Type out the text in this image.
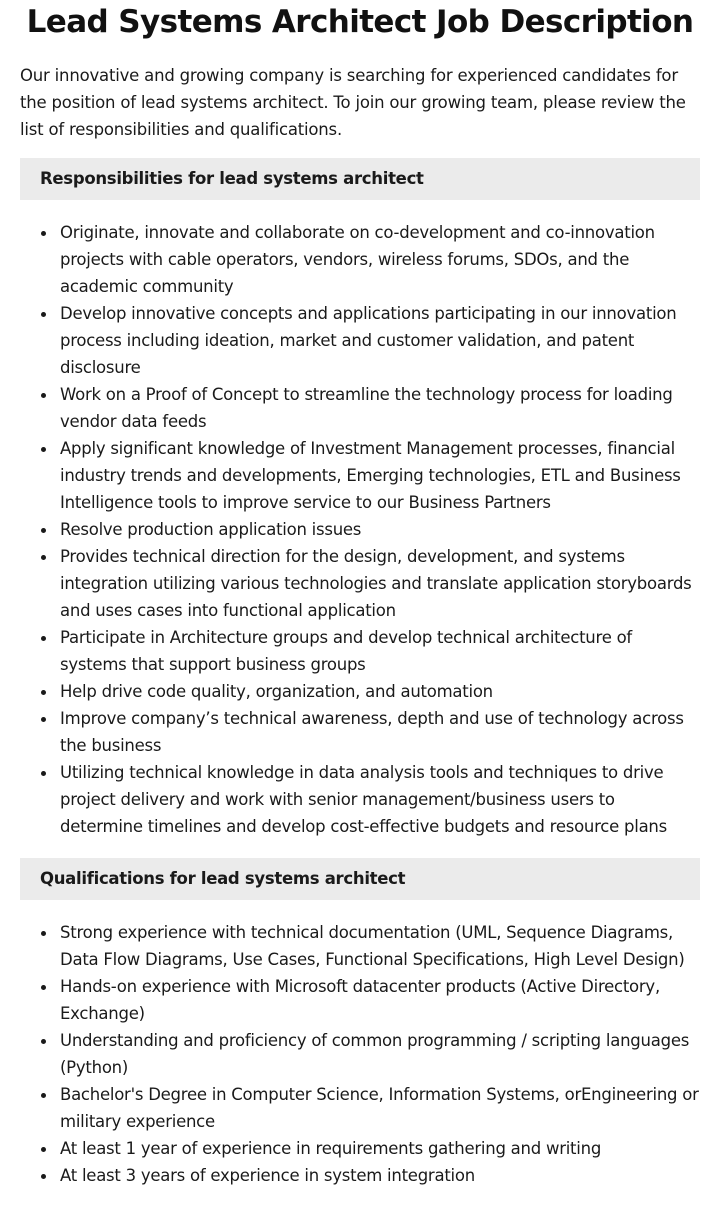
Lead Systems Architect Job Description

Our innovative and growing company is searching for experienced candidates for the position of lead systems architect. To join our growing team, please review the list of responsibilities and qualifications.

Responsibilities for lead systems architect
Originate, innovate and collaborate on co-development and co-innovation projects with cable operators, vendors, wireless forums, SDOs, and the academic community
Develop innovative concepts and applications participating in our innovation process including ideation, market and customer validation, and patent disclosure
Work on a Proof of Concept to streamline the technology process for loading vendor data feeds
Apply significant knowledge of Investment Management processes, financial industry trends and developments, Emerging technologies, ETL and Business Intelligence tools to improve service to our Business Partners
Resolve production application issues
Provides technical direction for the design, development, and systems integration utilizing various technologies and translate application storyboards and uses cases into functional application
Participate in Architecture groups and develop technical architecture of systems that support business groups
Help drive code quality, organization, and automation
Improve company’s technical awareness, depth and use of technology across the business
Utilizing technical knowledge in data analysis tools and techniques to drive project delivery and work with senior management/business users to determine timelines and develop cost-effective budgets and resource plans
Qualifications for lead systems architect
Strong experience with technical documentation (UML, Sequence Diagrams, Data Flow Diagrams, Use Cases, Functional Specifications, High Level Design)
Hands-on experience with Microsoft datacenter products (Active Directory, Exchange)
Understanding and proficiency of common programming / scripting languages (Python)
Bachelor's Degree in Computer Science, Information Systems, orEngineering or military experience
At least 1 year of experience in requirements gathering and writing
At least 3 years of experience in system integration
